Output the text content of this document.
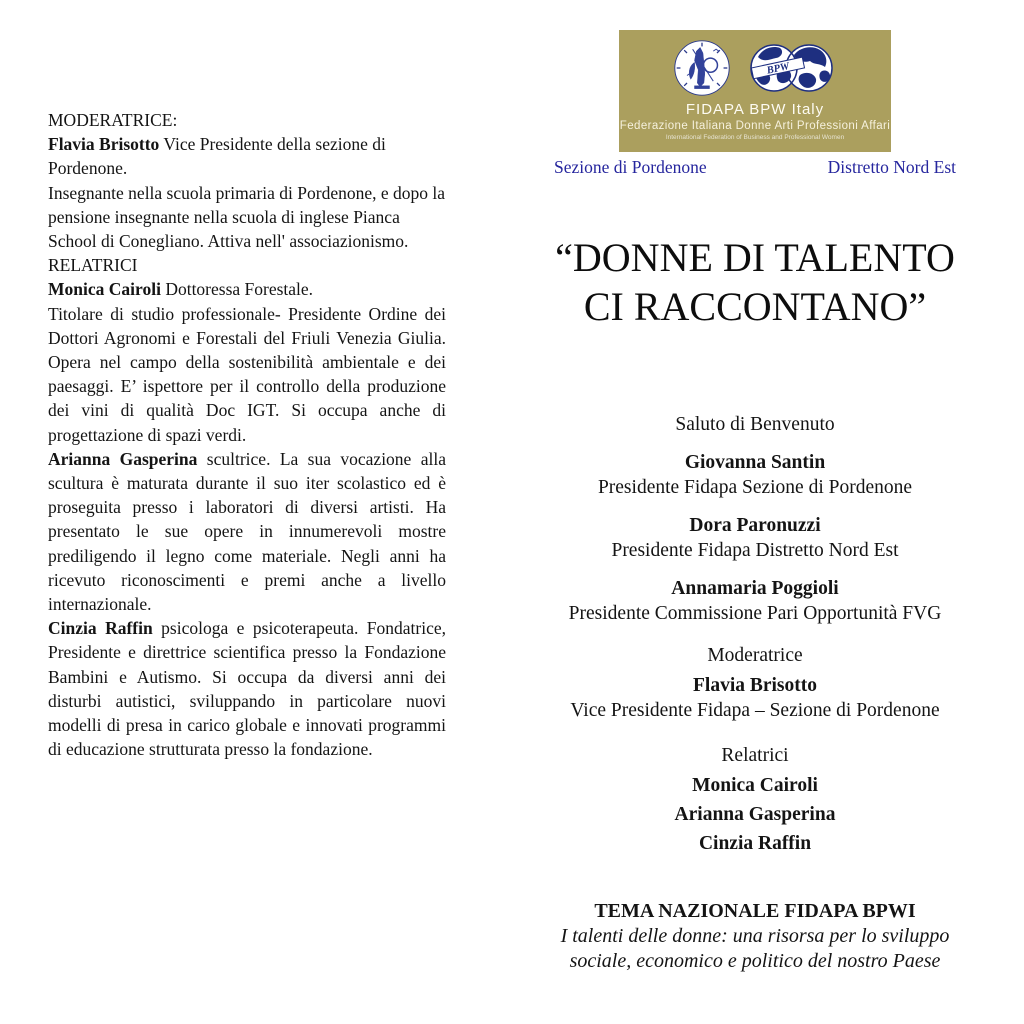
MODERATRICE:

Flavia Brisotto Vice Presidente della sezione di Pordenone.

Insegnante nella scuola primaria di Pordenone, e dopo la pensione insegnante nella scuola di inglese Pianca School di Conegliano. Attiva nell' associazionismo.

RELATRICI

Monica Cairoli Dottoressa Forestale.

Titolare di studio professionale- Presidente Ordine dei Dottori Agronomi e Forestali del Friuli Venezia Giulia. Opera nel campo della sostenibilità ambientale e dei paesaggi. E’ ispettore per il controllo della produzione dei vini di qualità Doc IGT. Si occupa anche di progettazione di spazi verdi.

Arianna Gasperina scultrice. La sua vocazione alla scultura è maturata durante il suo iter scolastico ed è proseguita presso i laboratori di diversi artisti. Ha presentato le sue opere in innumerevoli mostre prediligendo il legno come materiale. Negli anni ha ricevuto riconoscimenti e premi anche a livello internazionale.

Cinzia Raffin psicologa e psicoterapeuta. Fondatrice, Presidente e direttrice scientifica presso la Fondazione Bambini e Autismo. Si occupa da diversi anni dei disturbi autistici, sviluppando in particolare nuovi modelli di presa in carico globale e innovati programmi di educazione strutturata presso la fondazione.

BPW
FIDAPA BPW Italy
Federazione Italiana Donne Arti Professioni Affari
International Federation of Business and Professional Women
Sezione di Pordenone	Distretto Nord Est
“DONNE DI TALENTO
CI RACCONTANO”
Saluto di Benvenuto
Giovanna Santin
Presidente Fidapa Sezione di Pordenone
Dora Paronuzzi
Presidente Fidapa Distretto Nord Est
Annamaria Poggioli
Presidente Commissione Pari Opportunità FVG
Moderatrice
Flavia Brisotto
Vice Presidente Fidapa – Sezione di Pordenone
Relatrici
Monica Cairoli
Arianna Gasperina
Cinzia Raffin
TEMA NAZIONALE FIDAPA BPWI
I talenti delle donne: una risorsa per lo sviluppo
sociale, economico e politico del nostro Paese
